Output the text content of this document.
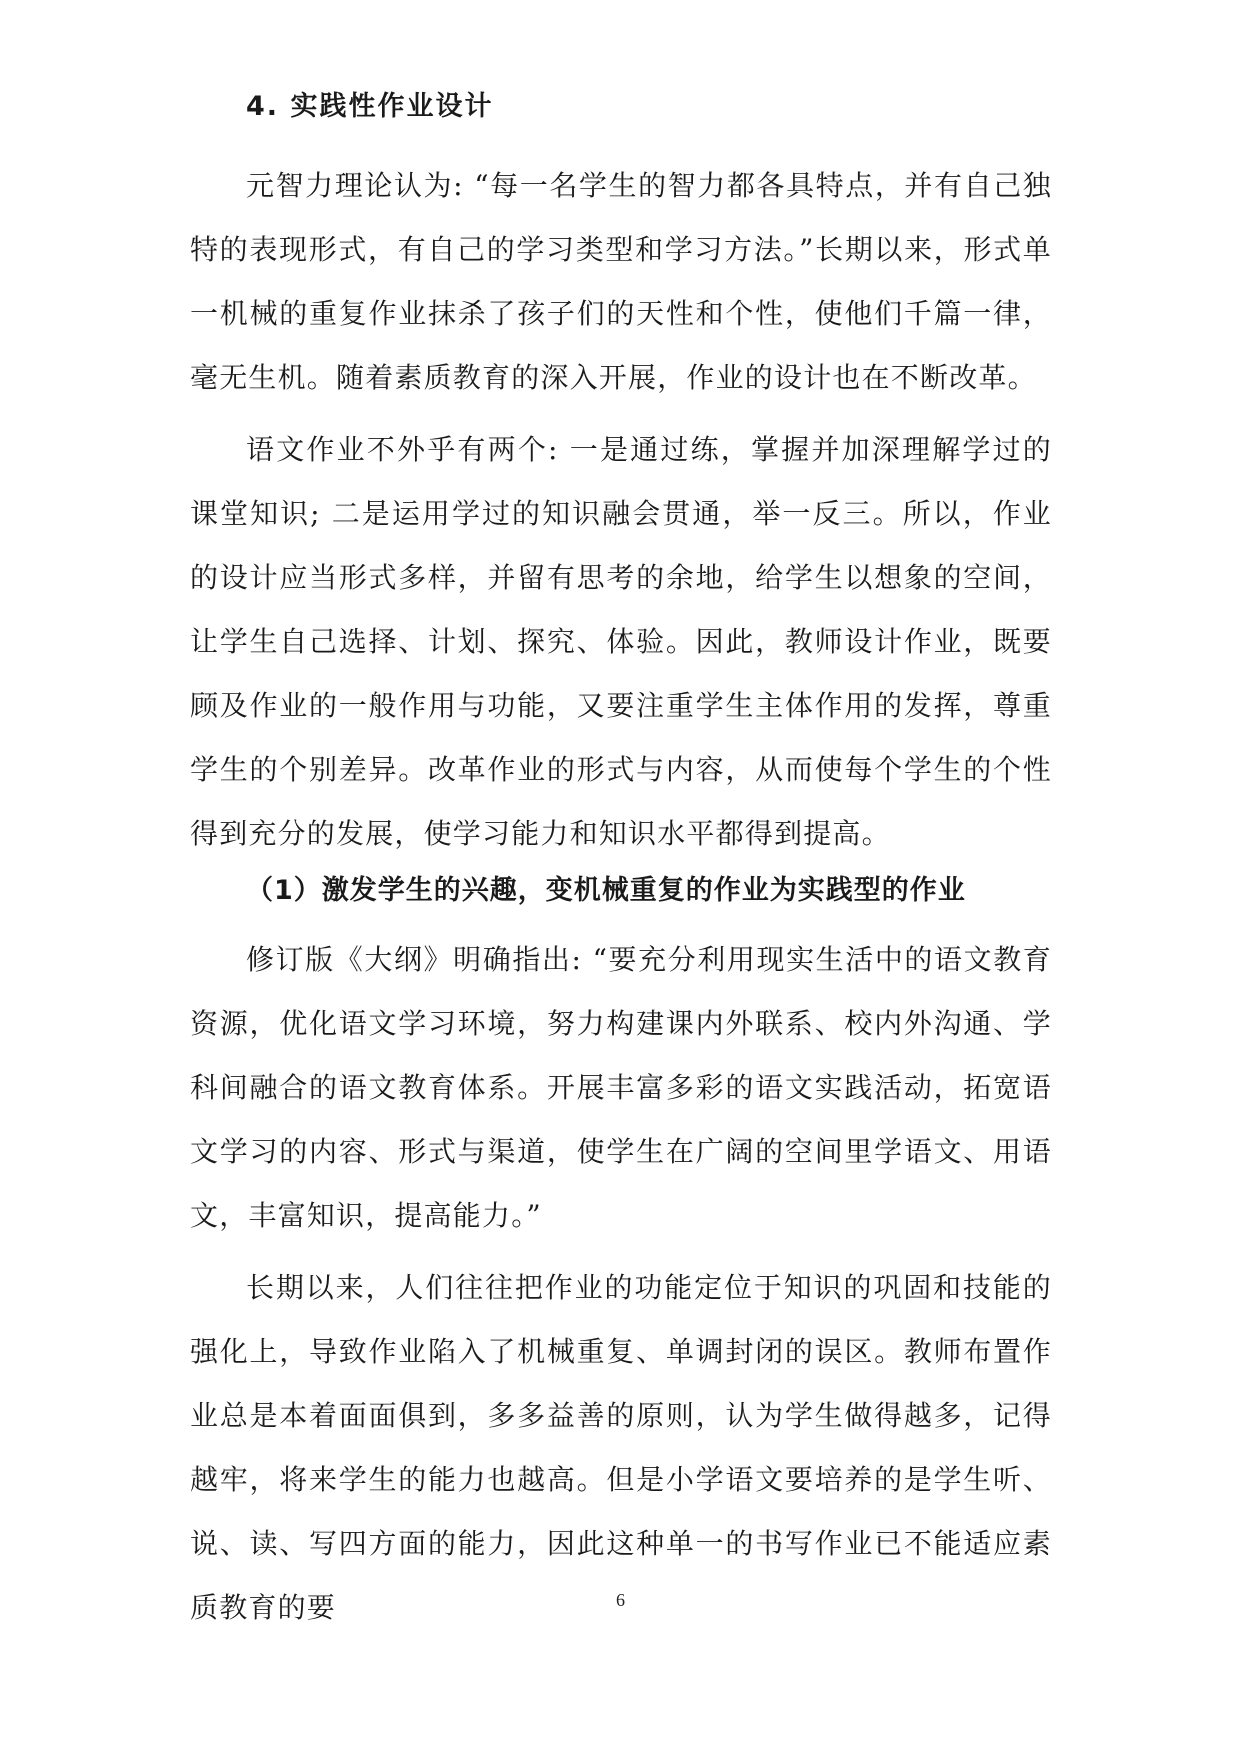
4. 实践性作业设计

元智力理论认为: “每一名学生的智力都各具特点，并有自己独特的表现形式，有自己的学习类型和学习方法。”长期以来，形式单一机械的重复作业抹杀了孩子们的天性和个性，使他们千篇一律，毫无生机。随着素质教育的深入开展，作业的设计也在不断改革。

语文作业不外乎有两个: 一是通过练，掌握并加深理解学过的课堂知识; 二是运用学过的知识融会贯通，举一反三。所以，作业的设计应当形式多样，并留有思考的余地，给学生以想象的空间，让学生自己选择、计划、探究、体验。因此，教师设计作业，既要顾及作业的一般作用与功能，又要注重学生主体作用的发挥，尊重学生的个别差异。改革作业的形式与内容，从而使每个学生的个性得到充分的发展，使学习能力和知识水平都得到提高。

（1）激发学生的兴趣，变机械重复的作业为实践型的作业

修订版《大纲》明确指出: “要充分利用现实生活中的语文教育资源，优化语文学习环境，努力构建课内外联系、校内外沟通、学科间融合的语文教育体系。开展丰富多彩的语文实践活动，拓宽语文学习的内容、形式与渠道，使学生在广阔的空间里学语文、用语文，丰富知识，提高能力。”

长期以来，人们往往把作业的功能定位于知识的巩固和技能的强化上，导致作业陷入了机械重复、单调封闭的误区。教师布置作业总是本着面面俱到，多多益善的原则，认为学生做得越多，记得越牢，将来学生的能力也越高。但是小学语文要培养的是学生听、说、读、写四方面的能力，因此这种单一的书写作业已不能适应素质教育的要	6
